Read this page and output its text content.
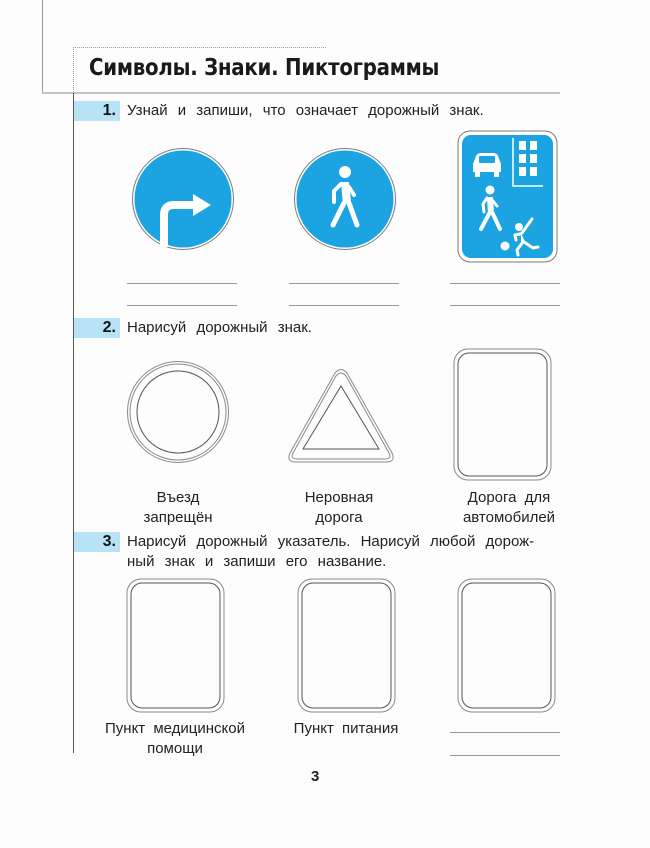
Символы. Знаки. Пиктограммы
1. Узнай и запиши, что означает дорожный знак.
2. Нарисуй дорожный знак.
Въезд
запрещён
Неровная
дорога
Дорога для
автомобилей
3. Нарисуй дорожный указатель. Нарисуй любой дорож-
ный знак и запиши его название.
Пункт медицинской
помощи
Пункт питания
3
